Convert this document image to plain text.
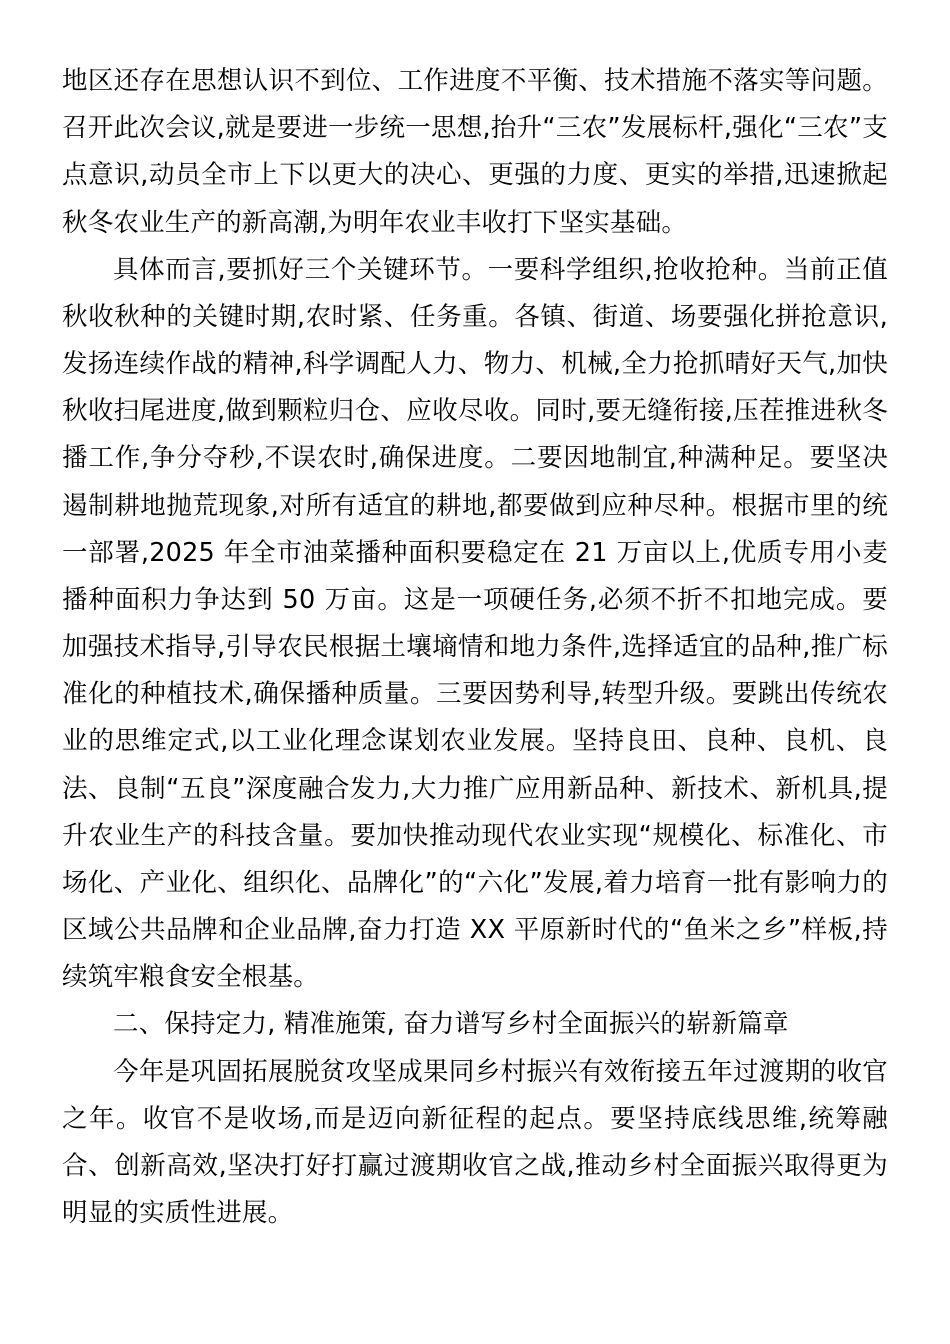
地区还存在思想认识不到位、工作进度不平衡、技术措施不落实等问题。召开此次会议,就是要进一步统一思想,抬升“三农”发展标杆,强化“三农”支点意识,动员全市上下以更大的决心、更强的力度、更实的举措,迅速掀起秋冬农业生产的新高潮,为明年农业丰收打下坚实基础。

具体而言,要抓好三个关键环节。一要科学组织,抢收抢种。当前正值秋收秋种的关键时期,农时紧、任务重。各镇、街道、场要强化拼抢意识,发扬连续作战的精神,科学调配人力、物力、机械,全力抢抓晴好天气,加快秋收扫尾进度,做到颗粒归仓、应收尽收。同时,要无缝衔接,压茬推进秋冬播工作,争分夺秒,不误农时,确保进度。二要因地制宜,种满种足。要坚决遏制耕地抛荒现象,对所有适宜的耕地,都要做到应种尽种。根据市里的统一部署,2025 年全市油菜播种面积要稳定在 21 万亩以上,优质专用小麦播种面积力争达到 50 万亩。这是一项硬任务,必须不折不扣地完成。要加强技术指导,引导农民根据土壤墒情和地力条件,选择适宜的品种,推广标准化的种植技术,确保播种质量。三要因势利导,转型升级。要跳出传统农业的思维定式,以工业化理念谋划农业发展。坚持良田、良种、良机、良法、良制“五良”深度融合发力,大力推广应用新品种、新技术、新机具,提升农业生产的科技含量。要加快推动现代农业实现“规模化、标准化、市场化、产业化、组织化、品牌化”的“六化”发展,着力培育一批有影响力的区域公共品牌和企业品牌,奋力打造 XX 平原新时代的“鱼米之乡”样板,持续筑牢粮食安全根基。

二、保持定力, 精准施策, 奋力谱写乡村全面振兴的崭新篇章

今年是巩固拓展脱贫攻坚成果同乡村振兴有效衔接五年过渡期的收官之年。收官不是收场,而是迈向新征程的起点。要坚持底线思维,统筹融合、创新高效,坚决打好打赢过渡期收官之战,推动乡村全面振兴取得更为明显的实质性进展。
